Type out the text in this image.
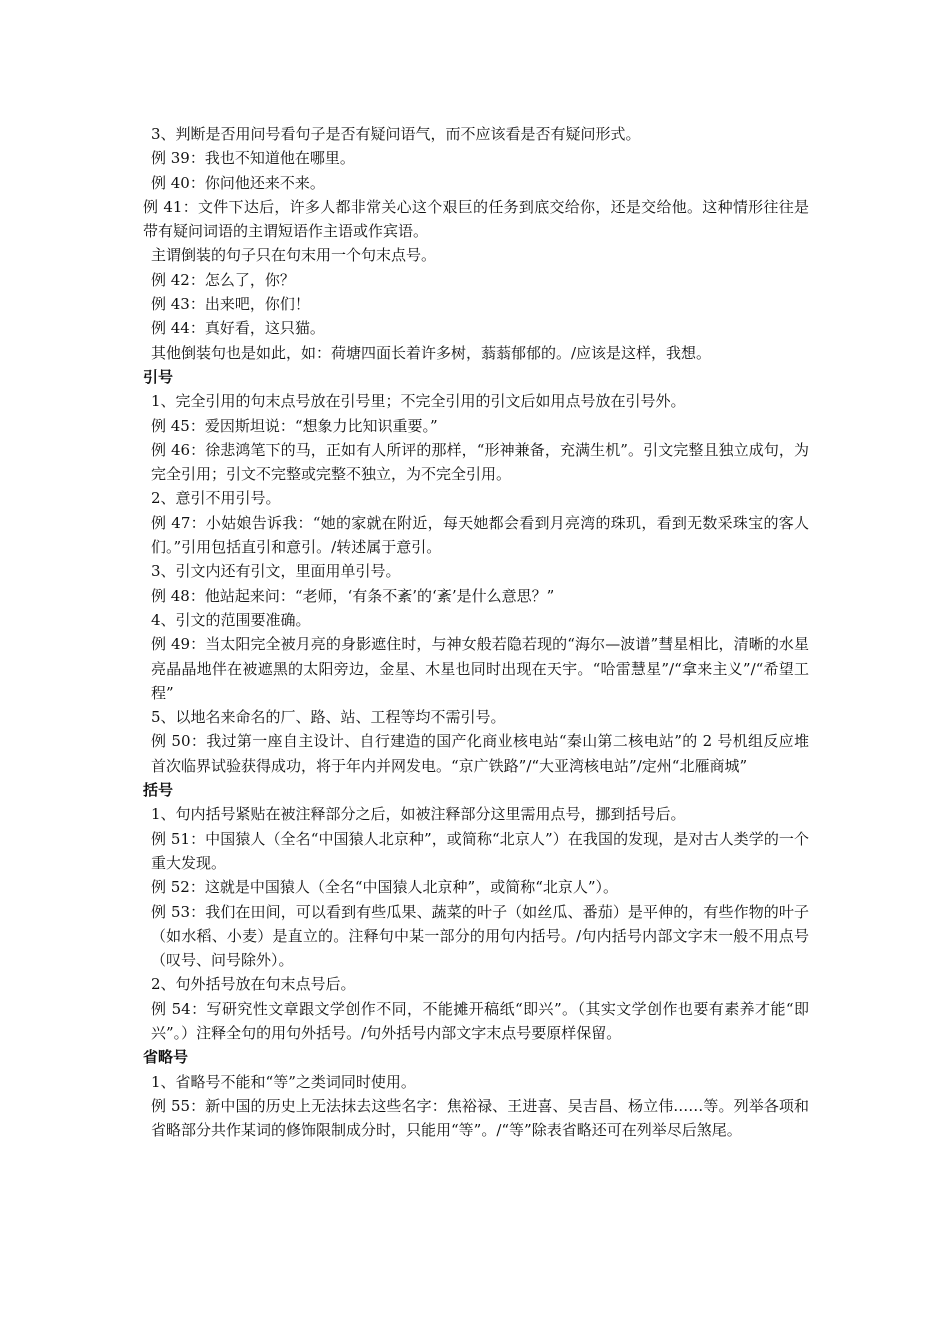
3、判断是否用问号看句子是否有疑问语气，而不应该看是否有疑问形式。

例 39：我也不知道他在哪里。

例 40：你问他还来不来。

例 41：文件下达后，许多人都非常关心这个艰巨的任务到底交给你，还是交给他。这种情形往往是带有疑问词语的主谓短语作主语或作宾语。

主谓倒装的句子只在句末用一个句末点号。

例 42：怎么了，你？

例 43：出来吧，你们！

例 44：真好看，这只猫。

其他倒装句也是如此，如：荷塘四面长着许多树，蓊蓊郁郁的。/应该是这样，我想。

引号

1、完全引用的句末点号放在引号里；不完全引用的引文后如用点号放在引号外。

例 45：爱因斯坦说：“想象力比知识重要。”

例 46：徐悲鸿笔下的马，正如有人所评的那样，“形神兼备，充满生机”。引文完整且独立成句，为完全引用；引文不完整或完整不独立，为不完全引用。

2、意引不用引号。

例 47：小姑娘告诉我：“她的家就在附近，每天她都会看到月亮湾的珠玑，看到无数采珠宝的客人们。”引用包括直引和意引。/转述属于意引。

3、引文内还有引文，里面用单引号。

例 48：他站起来问：“老师，‘有条不紊’的‘紊’是什么意思？”

4、引文的范围要准确。

例 49：当太阳完全被月亮的身影遮住时，与神女般若隐若现的“海尔—波谱”彗星相比，清晰的水星亮晶晶地伴在被遮黑的太阳旁边，金星、木星也同时出现在天宇。“哈雷慧星”/“拿来主义”/“希望工程”

5、以地名来命名的厂、路、站、工程等均不需引号。

例 50：我过第一座自主设计、自行建造的国产化商业核电站“秦山第二核电站”的 2 号机组反应堆首次临界试验获得成功，将于年内并网发电。“京广铁路”/“大亚湾核电站”/定州“北雁商城”

括号

1、句内括号紧贴在被注释部分之后，如被注释部分这里需用点号，挪到括号后。

例 51：中国猿人（全名“中国猿人北京种”，或简称“北京人”）在我国的发现，是对古人类学的一个重大发现。

例 52：这就是中国猿人（全名“中国猿人北京种”，或简称“北京人”）。

例 53：我们在田间，可以看到有些瓜果、蔬菜的叶子（如丝瓜、番茄）是平伸的，有些作物的叶子（如水稻、小麦）是直立的。注释句中某一部分的用句内括号。/句内括号内部文字末一般不用点号（叹号、问号除外）。

2、句外括号放在句末点号后。

例 54：写研究性文章跟文学创作不同，不能摊开稿纸“即兴”。（其实文学创作也要有素养才能“即兴”。）注释全句的用句外括号。/句外括号内部文字末点号要原样保留。

省略号

1、省略号不能和“等”之类词同时使用。

例 55：新中国的历史上无法抹去这些名字：焦裕禄、王进喜、吴吉昌、杨立伟……等。列举各项和省略部分共作某词的修饰限制成分时，只能用“等”。/“等”除表省略还可在列举尽后煞尾。
